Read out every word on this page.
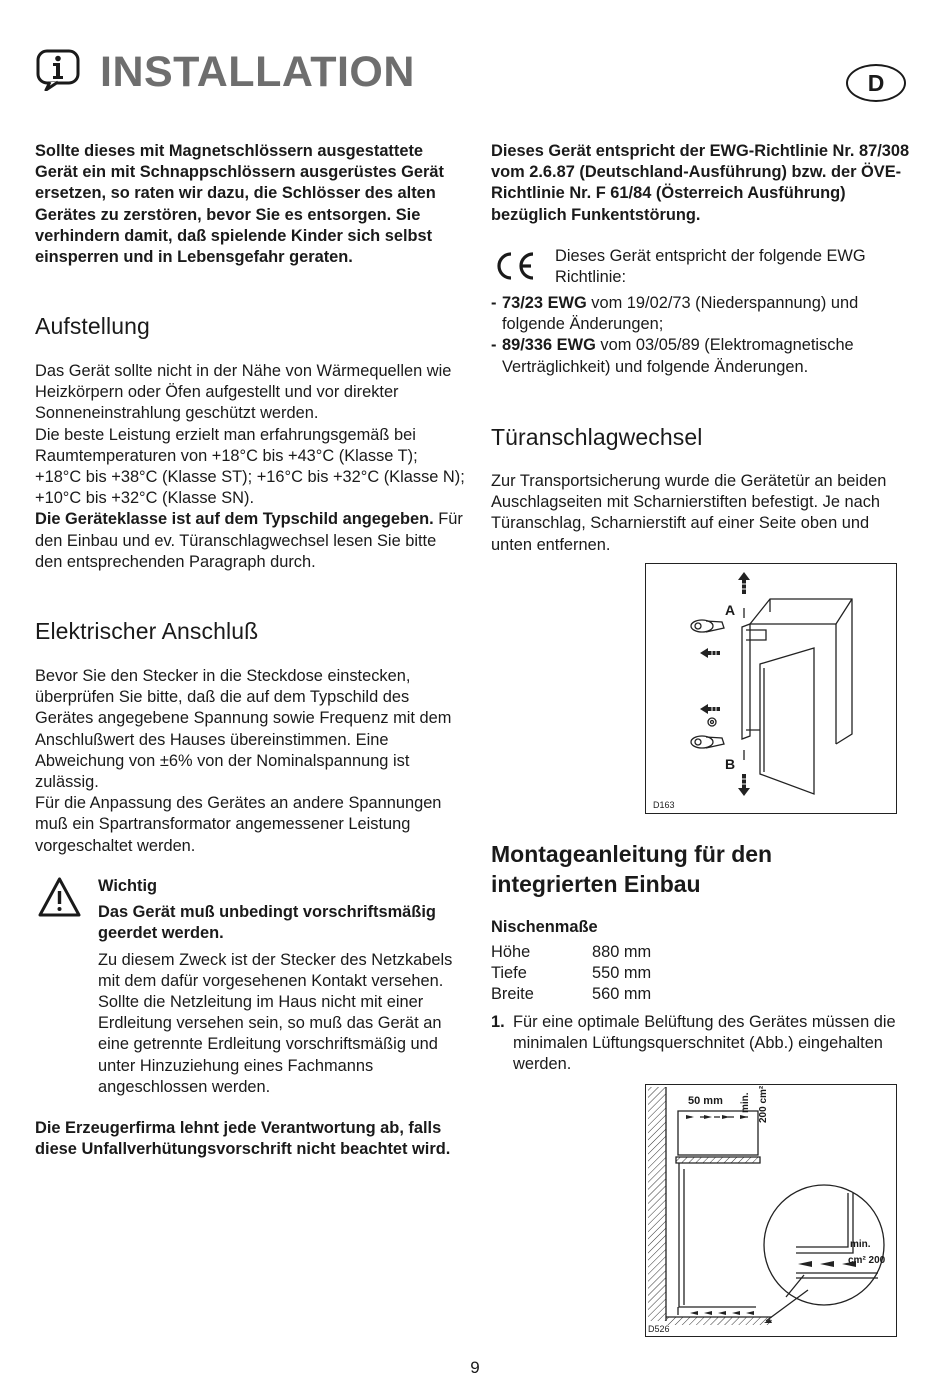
INSTALLATION	D

Sollte dieses mit Magnetschlössern ausgestattete Gerät ein mit Schnappschlössern ausgerüstes Gerät ersetzen, so raten wir dazu, die Schlösser des alten Gerätes zu zerstören, bevor Sie es entsorgen. Sie verhindern damit, daß spielende Kinder sich selbst einsperren und in Lebensgefahr geraten.

Aufstellung

Das Gerät sollte nicht in der Nähe von Wärmequellen wie Heizkörpern oder Öfen aufgestellt und vor direkter Sonneneinstrahlung geschützt werden.

Die beste Leistung erzielt man erfahrungsgemäß bei Raumtemperaturen von +18°C bis +43°C (Klasse T); +18°C bis +38°C (Klasse ST); +16°C bis +32°C (Klasse N); +10°C bis +32°C (Klasse SN).

Die Geräteklasse ist auf dem Typschild angegeben. Für den Einbau und ev. Türanschlagwechsel lesen Sie bitte den entsprechenden Paragraph durch.

Elektrischer Anschluß

Bevor Sie den Stecker in die Steckdose einstecken, überprüfen Sie bitte, daß die auf dem Typschild des Gerätes angegebene Spannung sowie Frequenz mit dem Anschlußwert des Hauses übereinstimmen. Eine Abweichung von ±6% von der Nominalspannung ist zulässig.

Für die Anpassung des Gerätes an andere Spannungen muß ein Spartransformator angemessener Leistung vorgeschaltet werden.

Wichtig

Das Gerät muß unbedingt vorschriftsmäßig geerdet werden.

Zu diesem Zweck ist der Stecker des Netzkabels mit dem dafür vorgesehenen Kontakt versehen.

Sollte die Netzleitung im Haus nicht mit einer Erdleitung versehen sein, so muß das Gerät an eine getrennte Erdleitung vorschriftsmäßig und unter Hinzuziehung eines Fachmanns angeschlossen werden.

Die Erzeugerfirma lehnt jede Verantwortung ab, falls diese Unfallverhütungsvorschrift nicht beachtet wird.

Dieses Gerät entspricht der EWG-Richtlinie Nr. 87/308 vom 2.6.87 (Deutschland-Ausführung) bzw. der ÖVE-Richtlinie Nr. F 61/84 (Österreich Ausführung) bezüglich Funkentstörung.

Dieses Gerät entspricht der folgende EWG Richtlinie:

- 73/23 EWG vom 19/02/73 (Niederspannung) und
folgende Änderungen;
- 89/336 EWG vom 03/05/89 (Elektromagnetische
Verträglichkeit) und folgende Änderungen.
Türanschlagwechsel

Zur Transportsicherung wurde die Gerätetür an beiden Auschlagseiten mit Scharnierstiften befestigt. Je nach Türanschlag, Scharnierstift auf einer Seite oben und unten entfernen.

A
B
D163
Montageanleitung für den
integrierten Einbau

Nischenmaße

Höhe	880 mm
Tiefe	550 mm
Breite	560 mm
1. Für eine optimale Belüftung des Gerätes müssen die minimalen Lüftungsquerschnitet (Abb.) eingehalten werden.
50 mm min. 200 cm²
min.
cm² 200
D526
9
